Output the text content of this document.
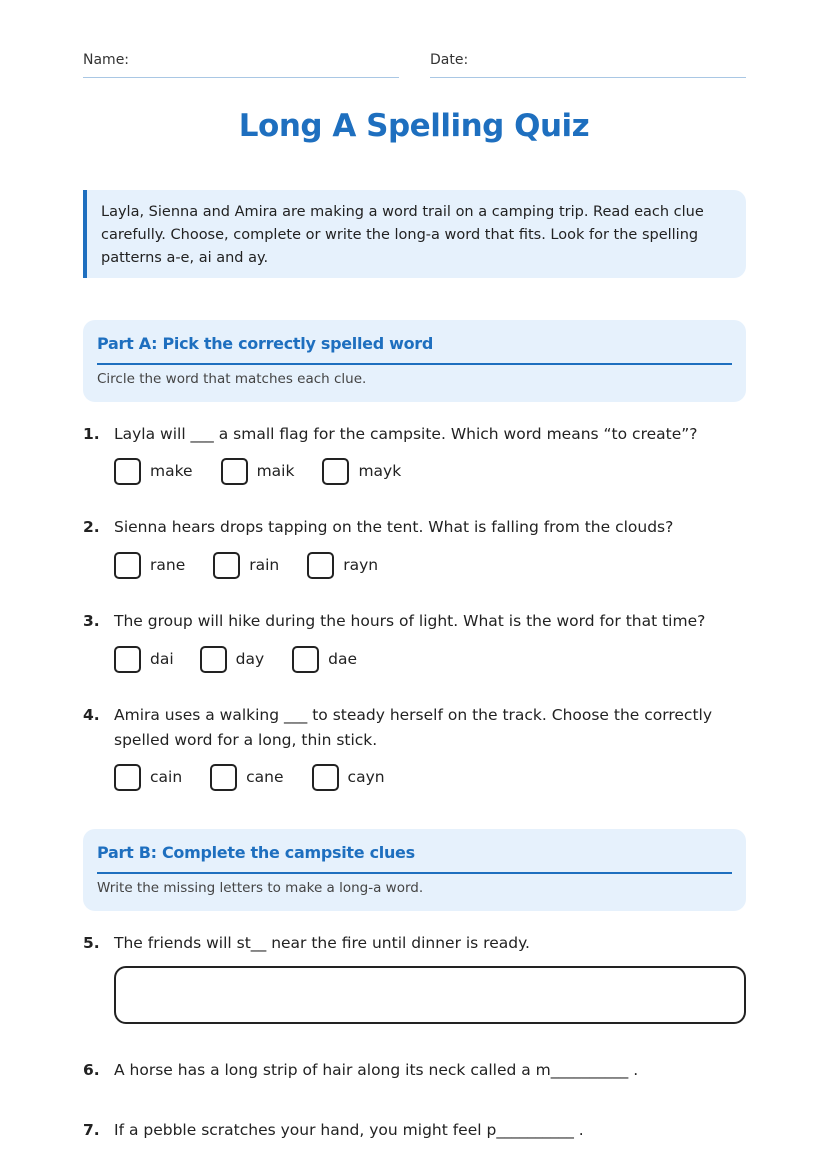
Name:	Date:
Long A Spelling Quiz
Layla, Sienna and Amira are making a word trail on a camping trip. Read each clue carefully. Choose, complete or write the long-a word that fits. Look for the spelling patterns a-e, ai and ay.
Part A: Pick the correctly spelled word
Circle the word that matches each clue.
1. Layla will ___ a small flag for the campsite. Which word means “to create”?
make	maik	mayk
2. Sienna hears drops tapping on the tent. What is falling from the clouds?
rane	rain	rayn
3. The group will hike during the hours of light. What is the word for that time?
dai	day	dae
4. Amira uses a walking ___ to steady herself on the track. Choose the correctly spelled word for a long, thin stick.
cain	cane	cayn
Part B: Complete the campsite clues
Write the missing letters to make a long-a word.
5. The friends will st__ near the fire until dinner is ready.
6. A horse has a long strip of hair along its neck called a m__________ .
7. If a pebble scratches your hand, you might feel p__________ .
